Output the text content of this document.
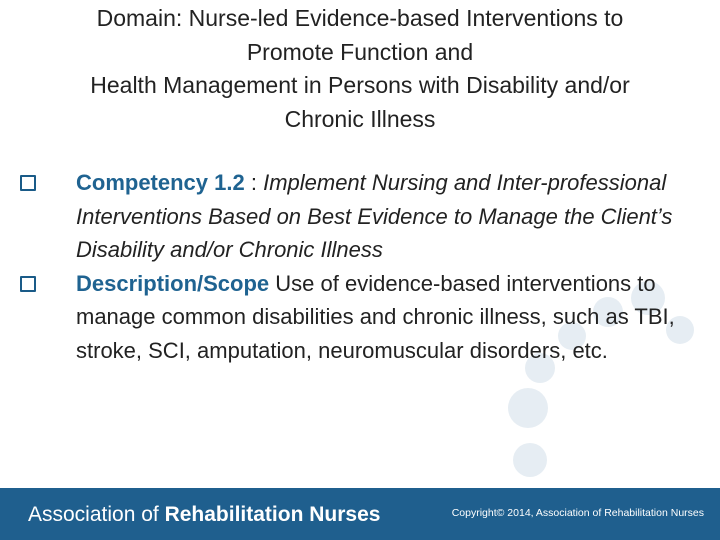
Domain: Nurse-led Evidence-based Interventions to
Promote Function and
Health Management in Persons with Disability and/or
Chronic Illness
Competency 1.2 : Implement Nursing and Inter-professional Interventions Based on Best Evidence to Manage the Client’s Disability and/or Chronic Illness
Description/Scope Use of evidence-based interventions to manage common disabilities and chronic illness, such as TBI, stroke, SCI, amputation, neuromuscular disorders, etc.
Association of Rehabilitation Nurses	Copyright© 2014, Association of Rehabilitation Nurses
